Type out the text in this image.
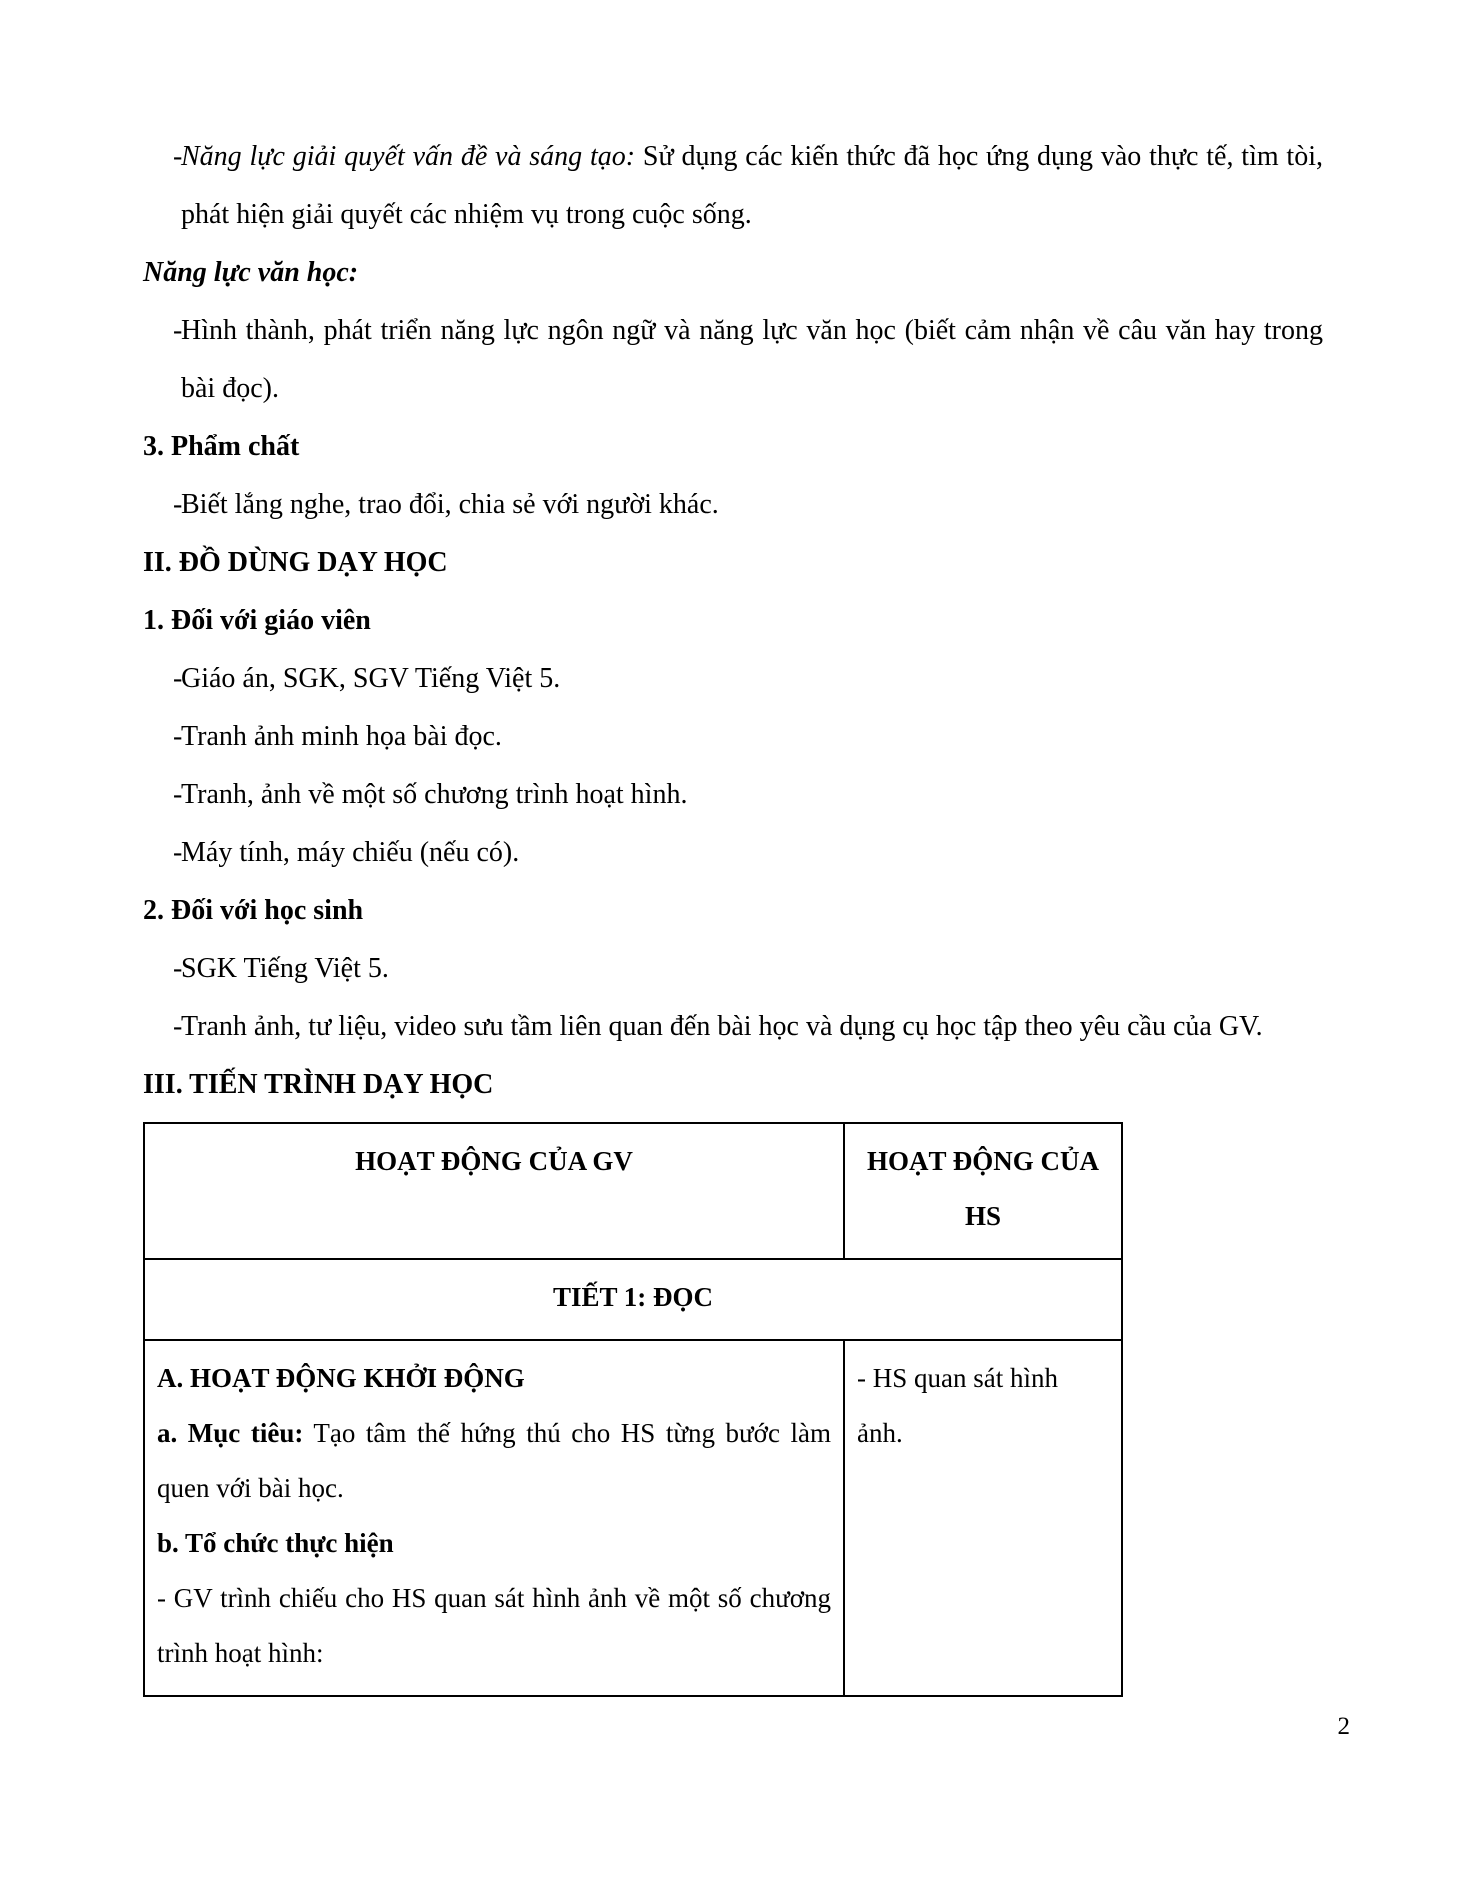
-
Năng lực giải quyết vấn đề và sáng tạo: Sử dụng các kiến thức đã học ứng dụng vào thực tế, tìm tòi, phát hiện giải quyết các nhiệm vụ trong cuộc sống.

Năng lực văn học:

-
Hình thành, phát triển năng lực ngôn ngữ và năng lực văn học (biết cảm nhận về câu văn hay trong bài đọc).

3. Phẩm chất

-
Biết lắng nghe, trao đổi, chia sẻ với người khác.

II. ĐỒ DÙNG DẠY HỌC

1. Đối với giáo viên

-
Giáo án, SGK, SGV Tiếng Việt 5.
-
Tranh ảnh minh họa bài đọc.
-
Tranh, ảnh về một số chương trình hoạt hình.
-
Máy tính, máy chiếu (nếu có).

2. Đối với học sinh

-
SGK Tiếng Việt 5.
-
Tranh ảnh, tư liệu, video sưu tầm liên quan đến bài học và dụng cụ học tập theo yêu cầu của GV.

III. TIẾN TRÌNH DẠY HỌC

HOẠT ĐỘNG CỦA GV	HOẠT ĐỘNG CỦA HS
TIẾT 1: ĐỌC	

A. HOẠT ĐỘNG KHỞI ĐỘNG
a. Mục tiêu: Tạo tâm thế hứng thú cho HS từng bước làm quen với bài học.
b. Tổ chức thực hiện
- GV trình chiếu cho HS quan sát hình ảnh về một số chương trình hoạt hình:	- HS quan sát hình ảnh.
2
